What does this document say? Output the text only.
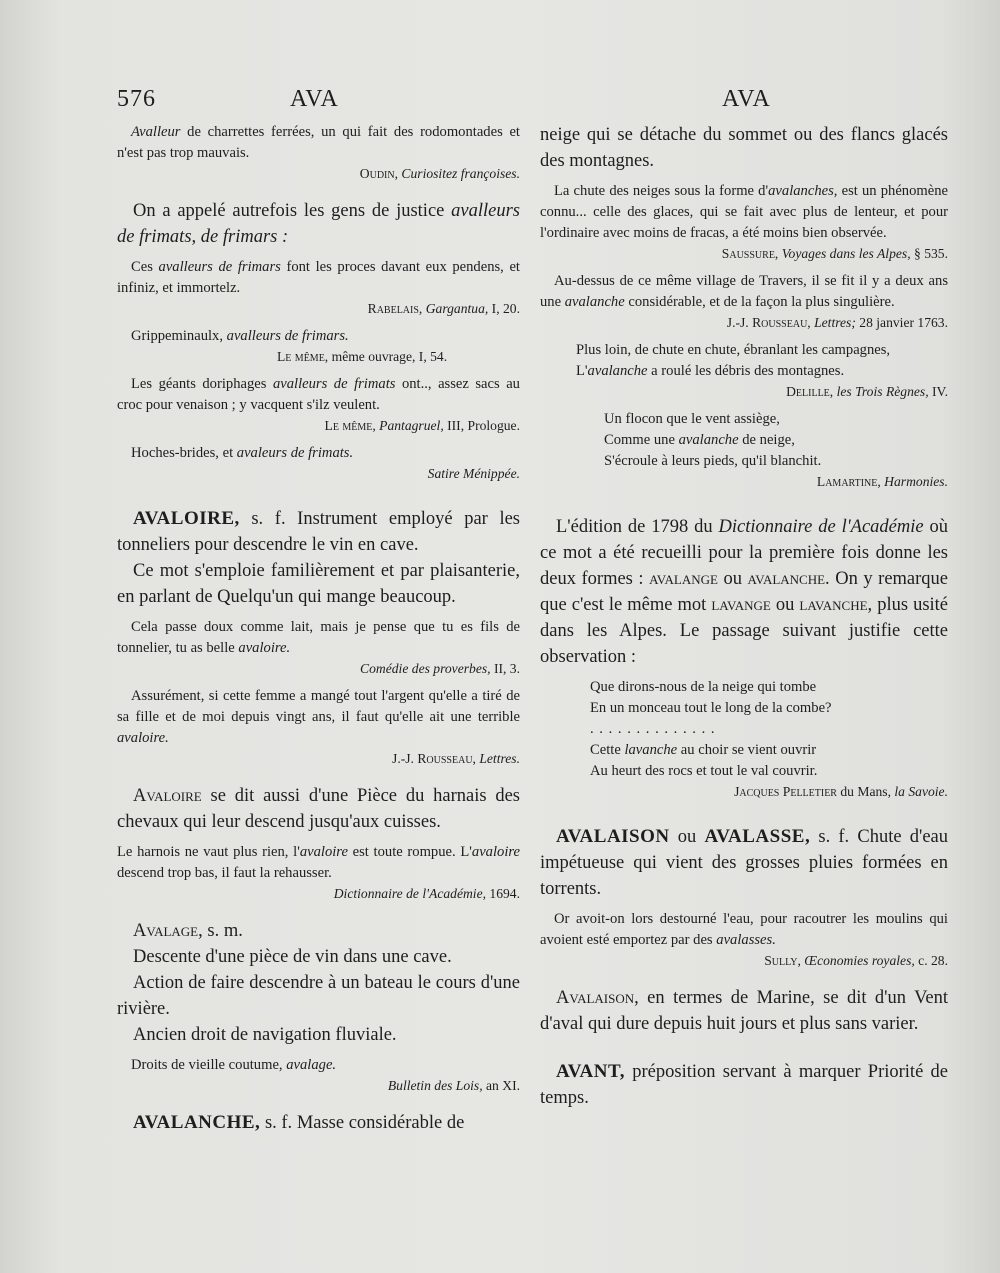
576	AVA	AVA

Avalleur de charrettes ferrées, un qui fait des rodomontades et n'est pas trop mauvais.

Oudin, Curiositez françoises.

On a appelé autrefois les gens de justice avalleurs de frimats, de frimars :

Ces avalleurs de frimars font les proces davant eux pendens, et infiniz, et immortelz.

Rabelais, Gargantua, I, 20.

Grippeminaulx, avalleurs de frimars.

Le même, même ouvrage, I, 54.

Les géants doriphages avalleurs de frimats ont.., assez sacs au croc pour venaison ; y vacquent s'ilz veulent.

Le même, Pantagruel, III, Prologue.

Hoches-brides, et avaleurs de frimats.

Satire Ménippée.

AVALOIRE, s. f. Instrument employé par les tonneliers pour descendre le vin en cave.

Ce mot s'emploie familièrement et par plaisanterie, en parlant de Quelqu'un qui mange beaucoup.

Cela passe doux comme lait, mais je pense que tu es fils de tonnelier, tu as belle avaloire.

Comédie des proverbes, II, 3.

Assurément, si cette femme a mangé tout l'argent qu'elle a tiré de sa fille et de moi depuis vingt ans, il faut qu'elle ait une terrible avaloire.

J.-J. Rousseau, Lettres.

Avaloire se dit aussi d'une Pièce du harnais des chevaux qui leur descend jusqu'aux cuisses.

Le harnois ne vaut plus rien, l'avaloire est toute rompue. L'avaloire descend trop bas, il faut la rehausser.

Dictionnaire de l'Académie, 1694.

Avalage, s. m.

Descente d'une pièce de vin dans une cave.

Action de faire descendre à un bateau le cours d'une rivière.

Ancien droit de navigation fluviale.

Droits de vieille coutume, avalage.

Bulletin des Lois, an XI.

AVALANCHE, s. f. Masse considérable de

neige qui se détache du sommet ou des flancs glacés des montagnes.

La chute des neiges sous la forme d'avalanches, est un phénomène connu... celle des glaces, qui se fait avec plus de lenteur, et pour l'ordinaire avec moins de fracas, a été moins bien observée.

Saussure, Voyages dans les Alpes, § 535.

Au-dessus de ce même village de Travers, il se fit il y a deux ans une avalanche considérable, et de la façon la plus singulière.

J.-J. Rousseau, Lettres; 28 janvier 1763.

Plus loin, de chute en chute, ébranlant les campagnes,

L'avalanche a roulé les débris des montagnes.

Delille, les Trois Règnes, IV.

Un flocon que le vent assiège,

Comme une avalanche de neige,

S'écroule à leurs pieds, qu'il blanchit.

Lamartine, Harmonies.

L'édition de 1798 du Dictionnaire de l'Académie où ce mot a été recueilli pour la première fois donne les deux formes : avalange ou avalanche. On y remarque que c'est le même mot lavange ou lavanche, plus usité dans les Alpes. Le passage suivant justifie cette observation :

Que dirons-nous de la neige qui tombe

En un monceau tout le long de la combe?

. . . . . . . . . . . . . .

Cette lavanche au choir se vient ouvrir

Au heurt des rocs et tout le val couvrir.

Jacques Pelletier du Mans, la Savoie.

AVALAISON ou AVALASSE, s. f. Chute d'eau impétueuse qui vient des grosses pluies formées en torrents.

Or avoit-on lors destourné l'eau, pour racoutrer les moulins qui avoient esté emportez par des avalasses.

Sully, Œconomies royales, c. 28.

Avalaison, en termes de Marine, se dit d'un Vent d'aval qui dure depuis huit jours et plus sans varier.

AVANT, préposition servant à marquer Priorité de temps.
